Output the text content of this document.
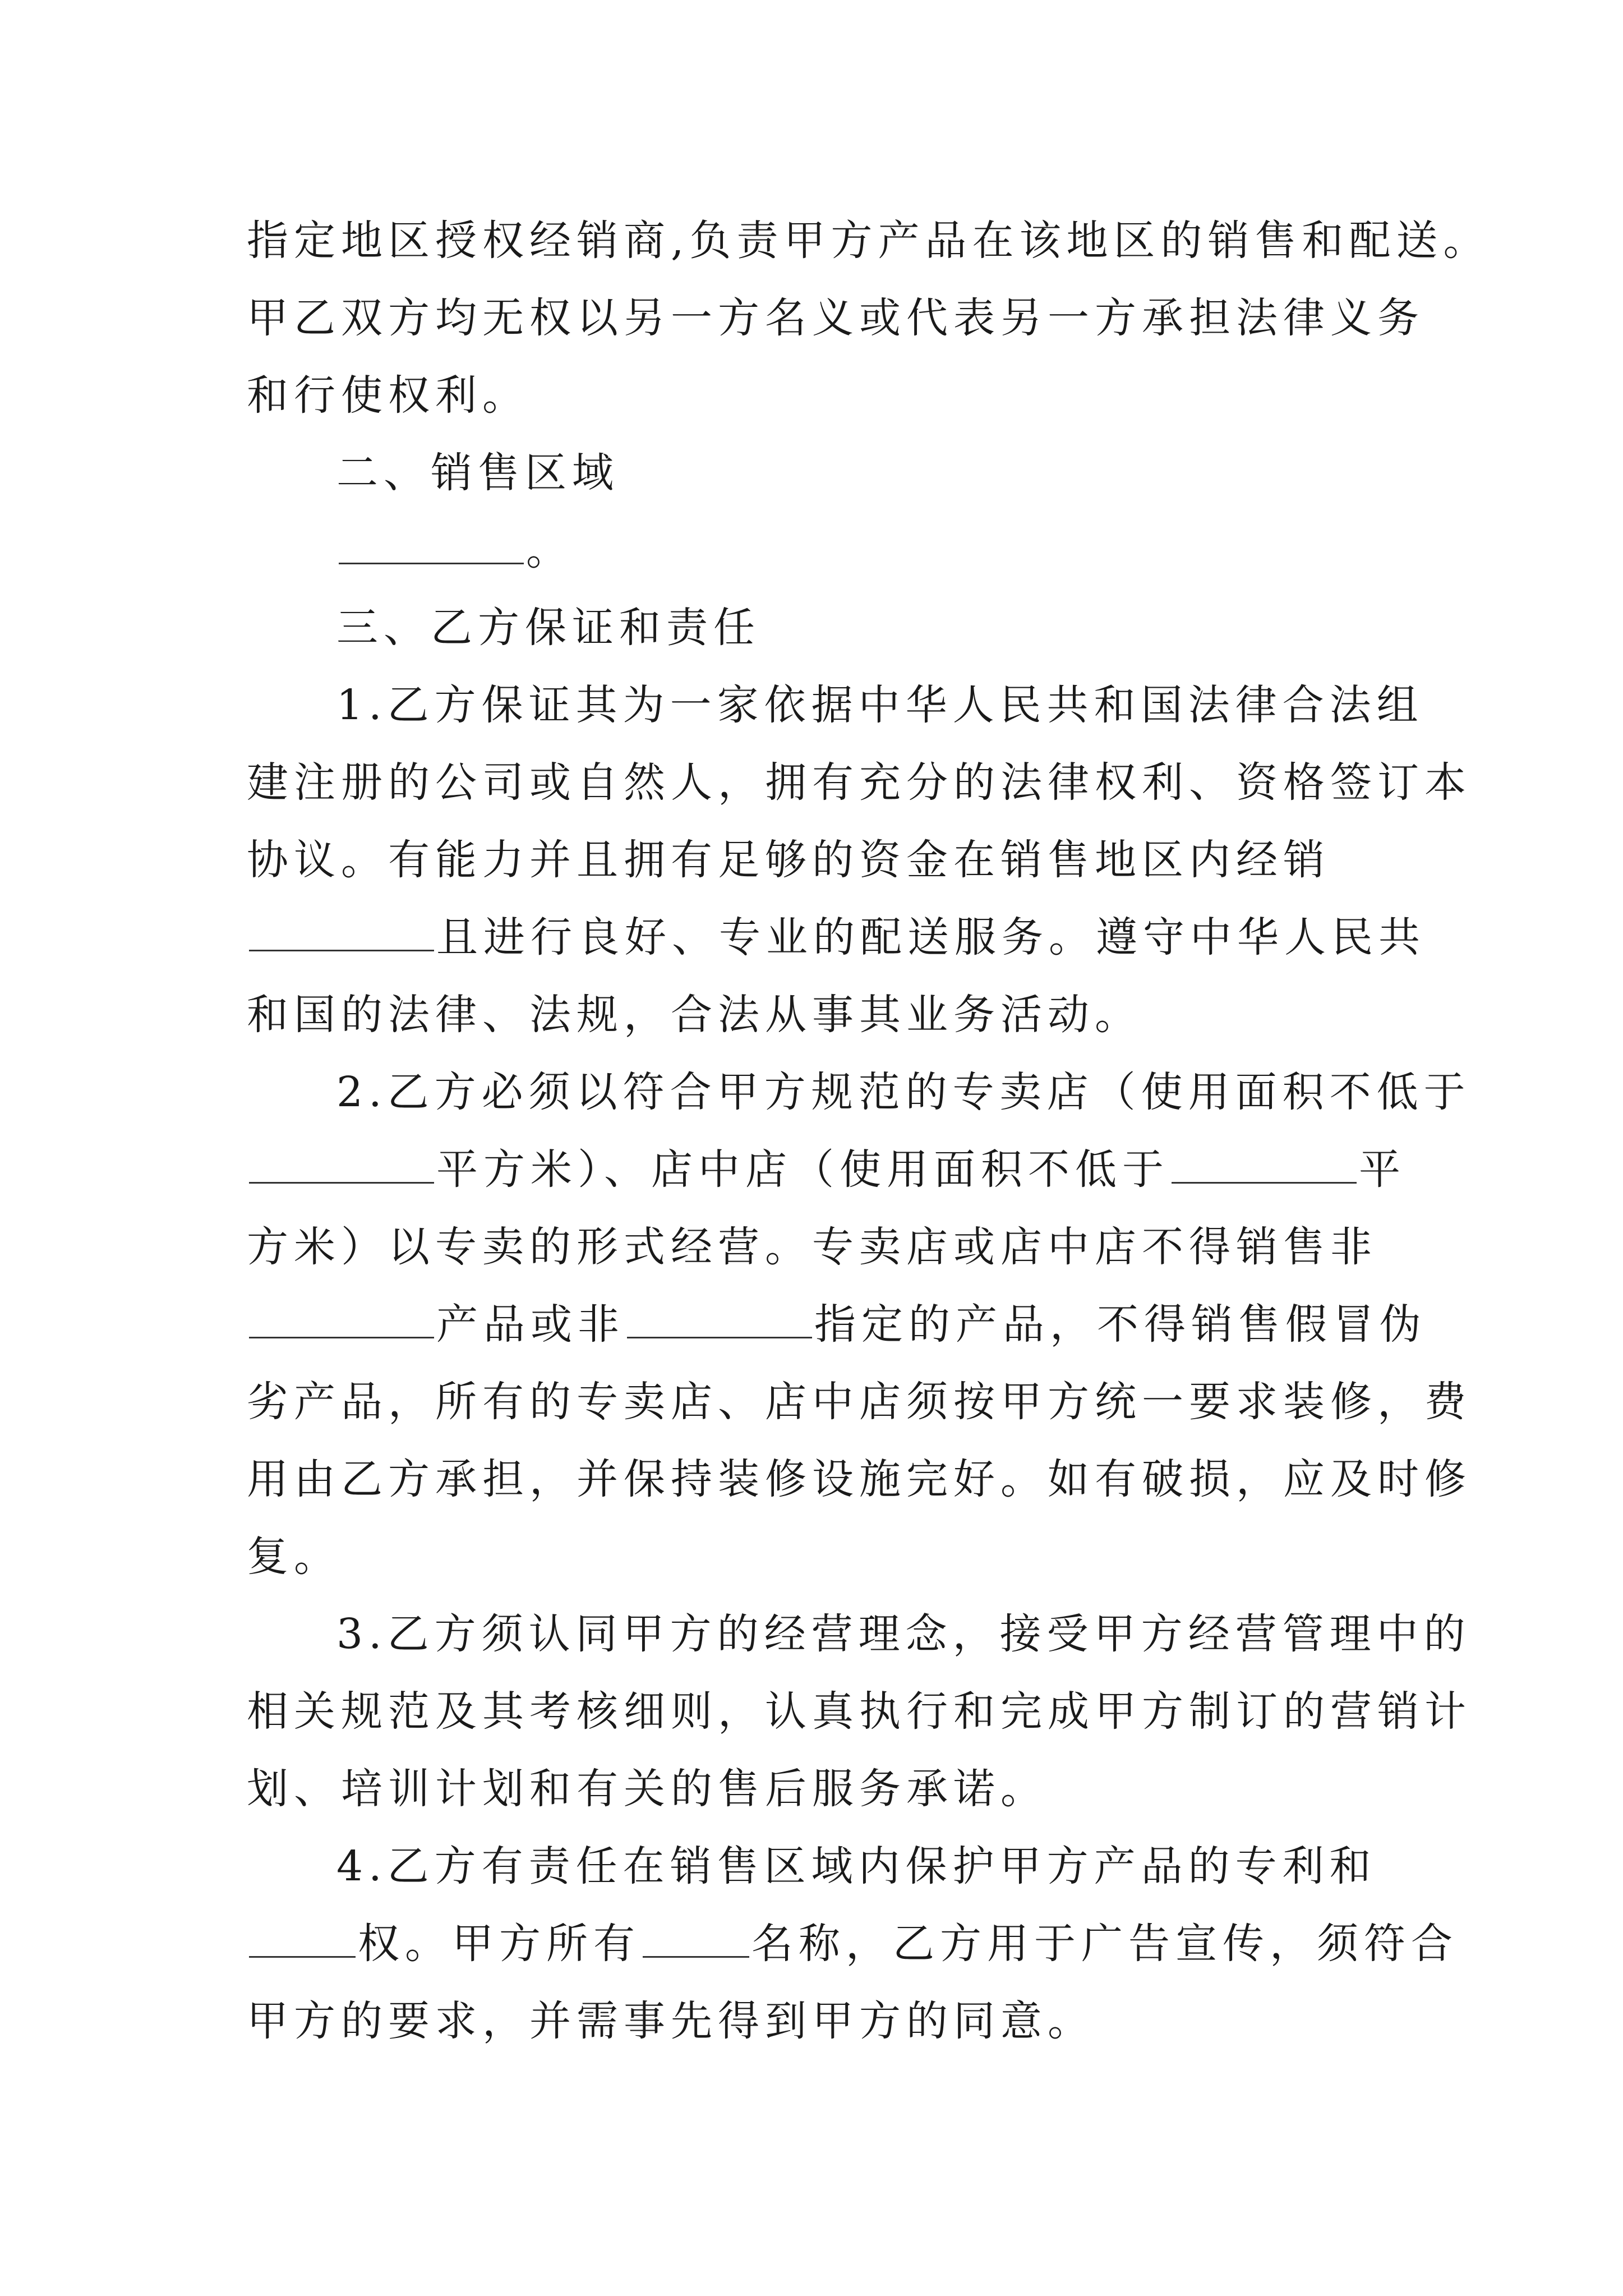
指定地区授权经销商,负责甲方产品在该地区的销售和配送。
甲乙双方均无权以另一方名义或代表另一方承担法律义务
和行使权利。
二、销售区域
。
三、乙方保证和责任
1.乙方保证其为一家依据中华人民共和国法律合法组
建注册的公司或自然人，拥有充分的法律权利、资格签订本
协议。有能力并且拥有足够的资金在销售地区内经销
且进行良好、专业的配送服务。遵守中华人民共
和国的法律、法规，合法从事其业务活动。
2.乙方必须以符合甲方规范的专卖店（使用面积不低于
平方米）、店中店（使用面积不低于	平
方米）以专卖的形式经营。专卖店或店中店不得销售非
产品或非	指定的产品，不得销售假冒伪
劣产品，所有的专卖店、店中店须按甲方统一要求装修，费
用由乙方承担，并保持装修设施完好。如有破损，应及时修
复。
3.乙方须认同甲方的经营理念，接受甲方经营管理中的
相关规范及其考核细则，认真执行和完成甲方制订的营销计
划、培训计划和有关的售后服务承诺。
4.乙方有责任在销售区域内保护甲方产品的专利和
权。甲方所有	名称，乙方用于广告宣传，须符合
甲方的要求，并需事先得到甲方的同意。
